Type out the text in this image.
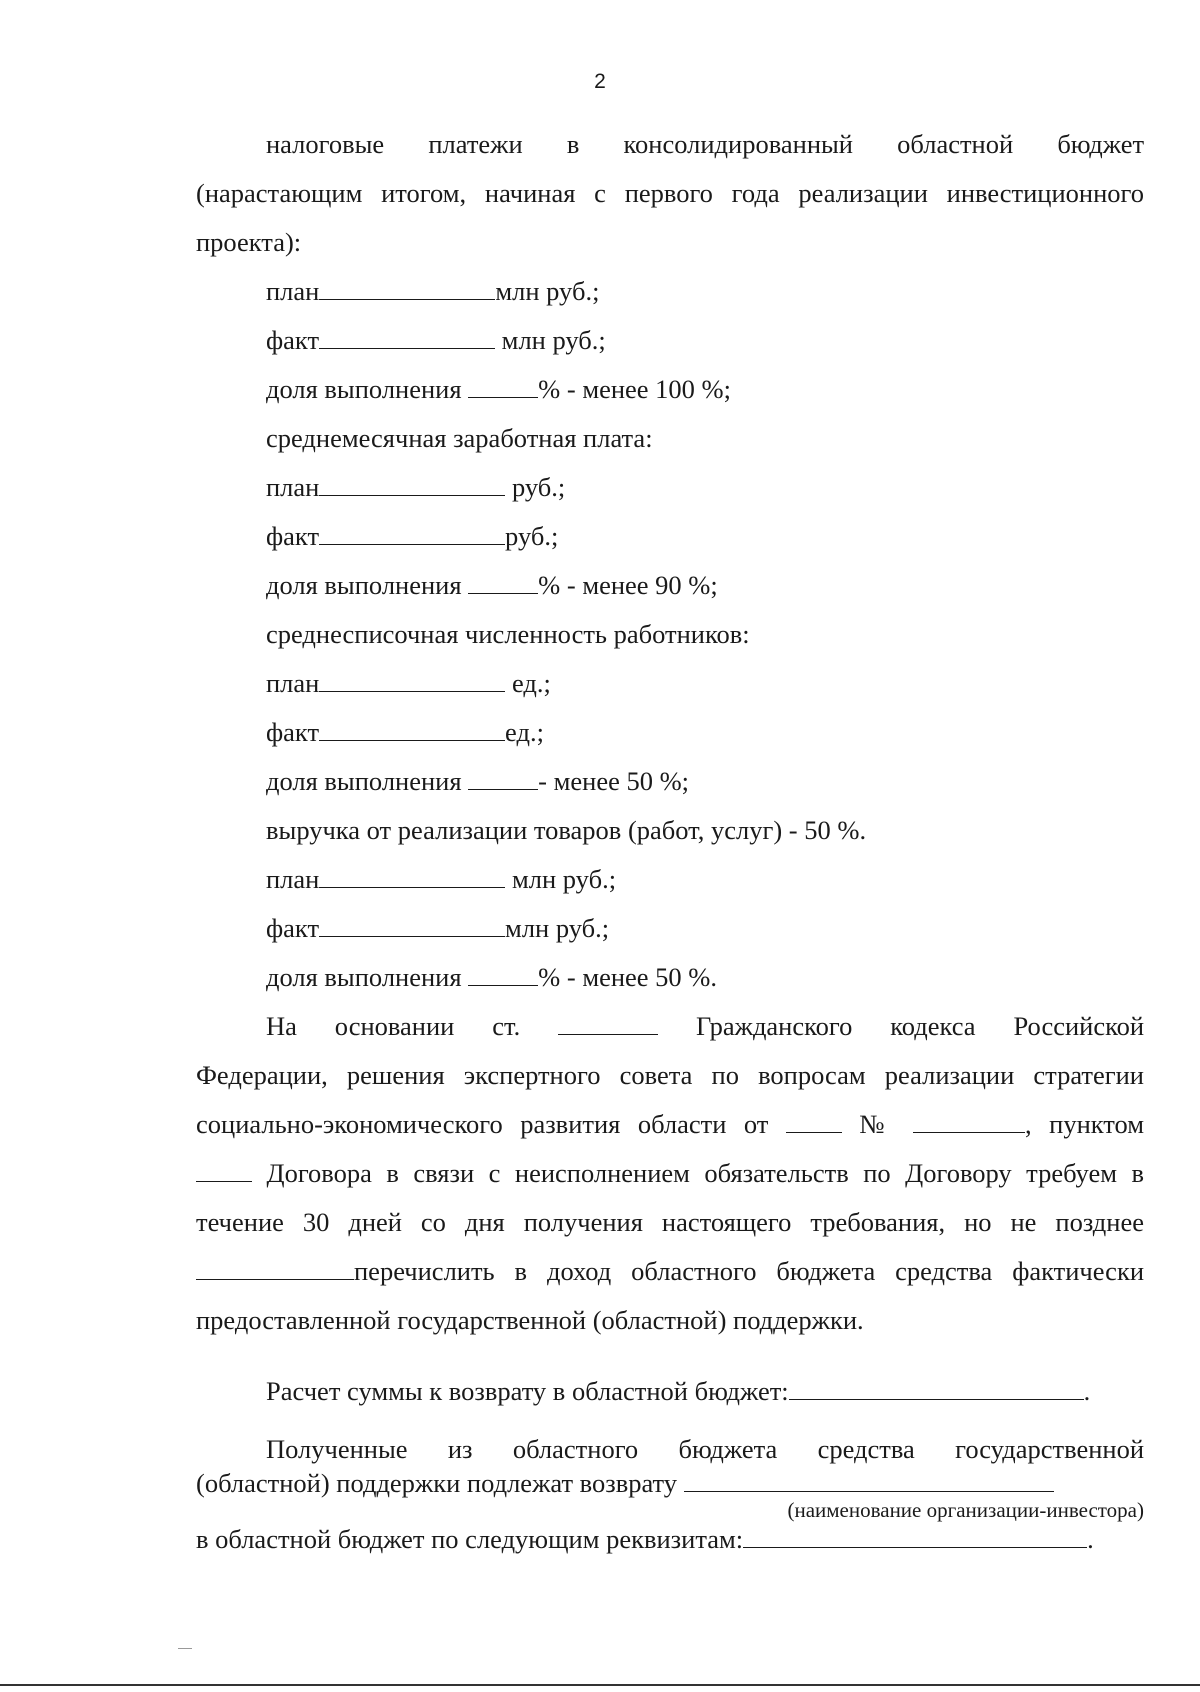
2
налоговые платежи в консолидированный областной бюджет
(нарастающим итогом, начиная с первого года реализации инвестиционного
проекта):
план	млн руб.;
факт	млн руб.;
доля выполнения	% - менее 100 %;
среднемесячная заработная плата:
план	руб.;
факт	руб.;
доля выполнения	% - менее 90 %;
среднесписочная численность работников:
план	ед.;
факт	ед.;
доля выполнения	- менее 50 %;
выручка от реализации товаров (работ, услуг) - 50 %.
план	млн руб.;
факт	млн руб.;
доля выполнения	% - менее 50 %.
На основании ст.	Гражданского кодекса Российской
Федерации, решения экспертного совета по вопросам реализации стратегии
социально-экономического развития области от	№	, пунктом
Договора в связи с неисполнением обязательств по Договору требуем в
течение 30 дней со дня получения настоящего требования, но не позднее
перечислить в доход областного бюджета средства фактически
предоставленной государственной (областной) поддержки.
Расчет суммы к возврату в областной бюджет:	.
Полученные из областного бюджета средства государственной
(областной) поддержки подлежат возврату
(наименование организации-инвестора)
в областной бюджет по следующим реквизитам:	.
